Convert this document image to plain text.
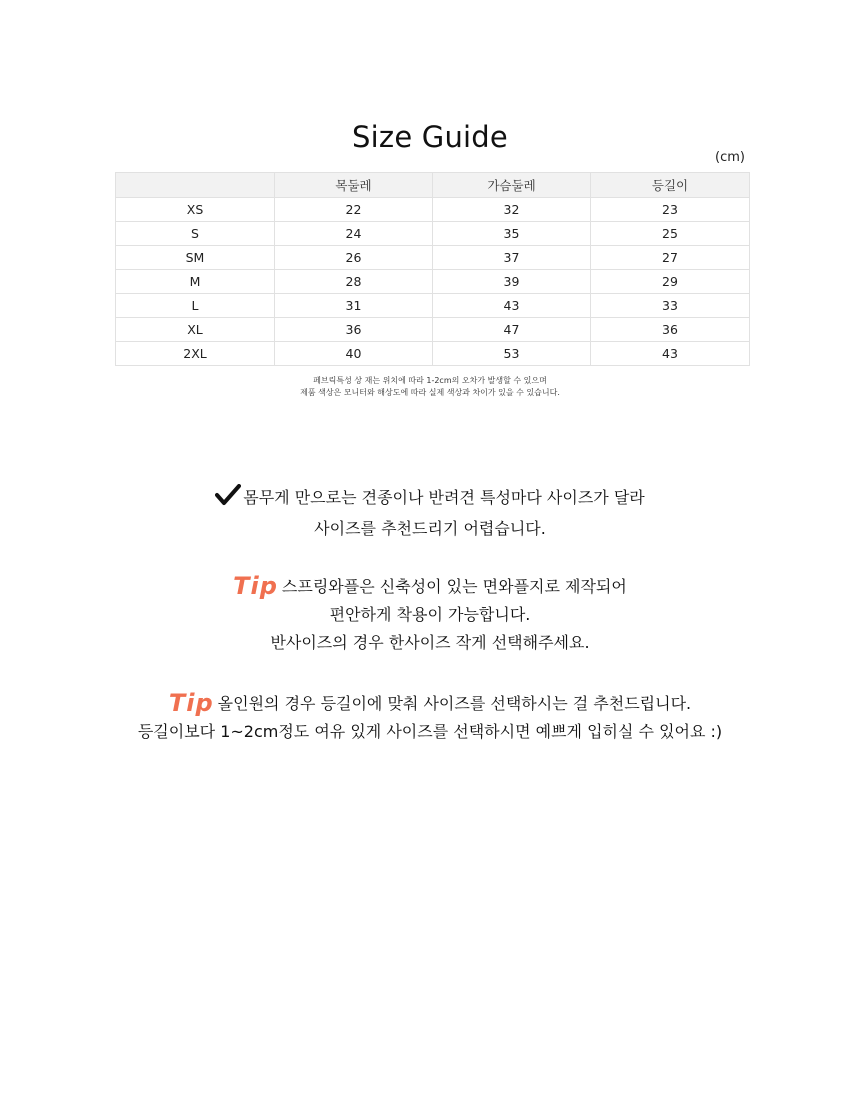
Size Guide
(cm)
	목둘레	가슴둘레	등길이
XS	22	32	23
S	24	35	25
SM	26	37	27
M	28	39	29
L	31	43	33
XL	36	47	36
2XL	40	53	43
페브릭특성 상 재는 위치에 따라 1-2cm의 오차가 발생할 수 있으며
제품 색상은 모니터와 해상도에 따라 실제 색상과 차이가 있을 수 있습니다.
몸무게 만으로는 견종이나 반려견 특성마다 사이즈가 달라
사이즈를 추천드리기 어렵습니다.
Tip 스프링와플은 신축성이 있는 면와플지로 제작되어
편안하게 착용이 가능합니다.
반사이즈의 경우 한사이즈 작게 선택해주세요.
Tip 올인원의 경우 등길이에 맞춰 사이즈를 선택하시는 걸 추천드립니다.
등길이보다 1~2cm정도 여유 있게 사이즈를 선택하시면 예쁘게 입히실 수 있어요 :)
